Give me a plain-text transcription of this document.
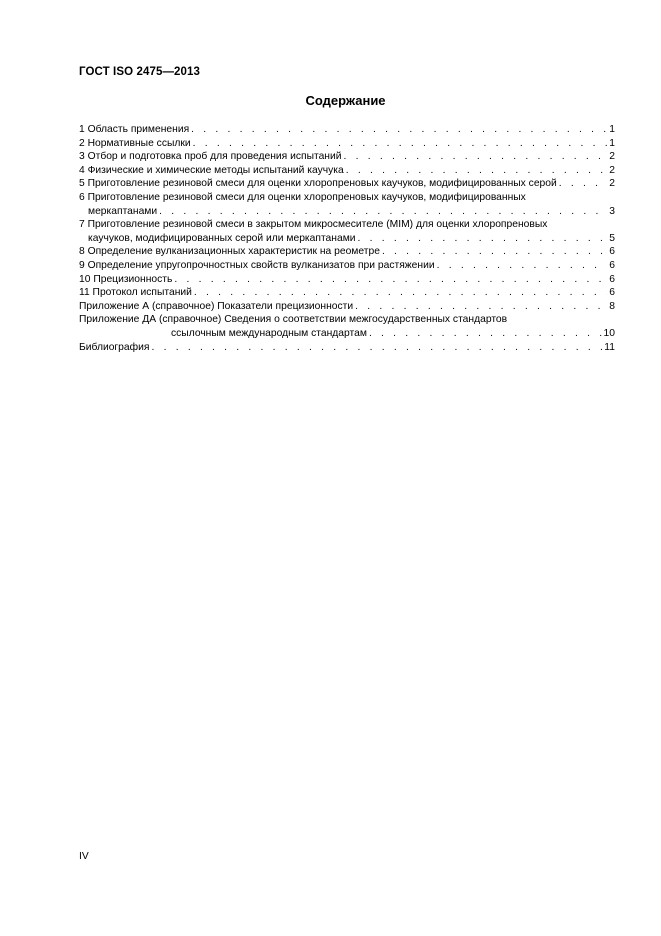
ГОСТ ISO 2475—2013
Содержание
1 Область применения . . .	1
2 Нормативные ссылки . . .	1
3 Отбор и подготовка проб для проведения испытаний . . .	2
4 Физические и химические методы испытаний каучука . . .	2
5 Приготовление резиновой смеси для оценки хлоропреновых каучуков, модифицированных серой . . .	2
6 Приготовление резиновой смеси для оценки хлоропреновых каучуков, модифицированных
меркаптанами . . .	3
7 Приготовление резиновой смеси в закрытом микросмесителе (MIM) для оценки хлоропреновых
каучуков, модифицированных серой или меркаптанами . . .	5
8 Определение вулканизационных характеристик на реометре . . .	6
9 Определение упругопрочностных свойств вулканизатов при растяжении . . .	6
10 Прецизионность . . .	6
11 Протокол испытаний . . .	6
Приложение А (справочное) Показатели прецизионности . . .	8
Приложение ДА (справочное) Сведения о соответствии межгосударственных стандартов
ссылочным международным стандартам . . .	10
Библиография . . .	11
IV
